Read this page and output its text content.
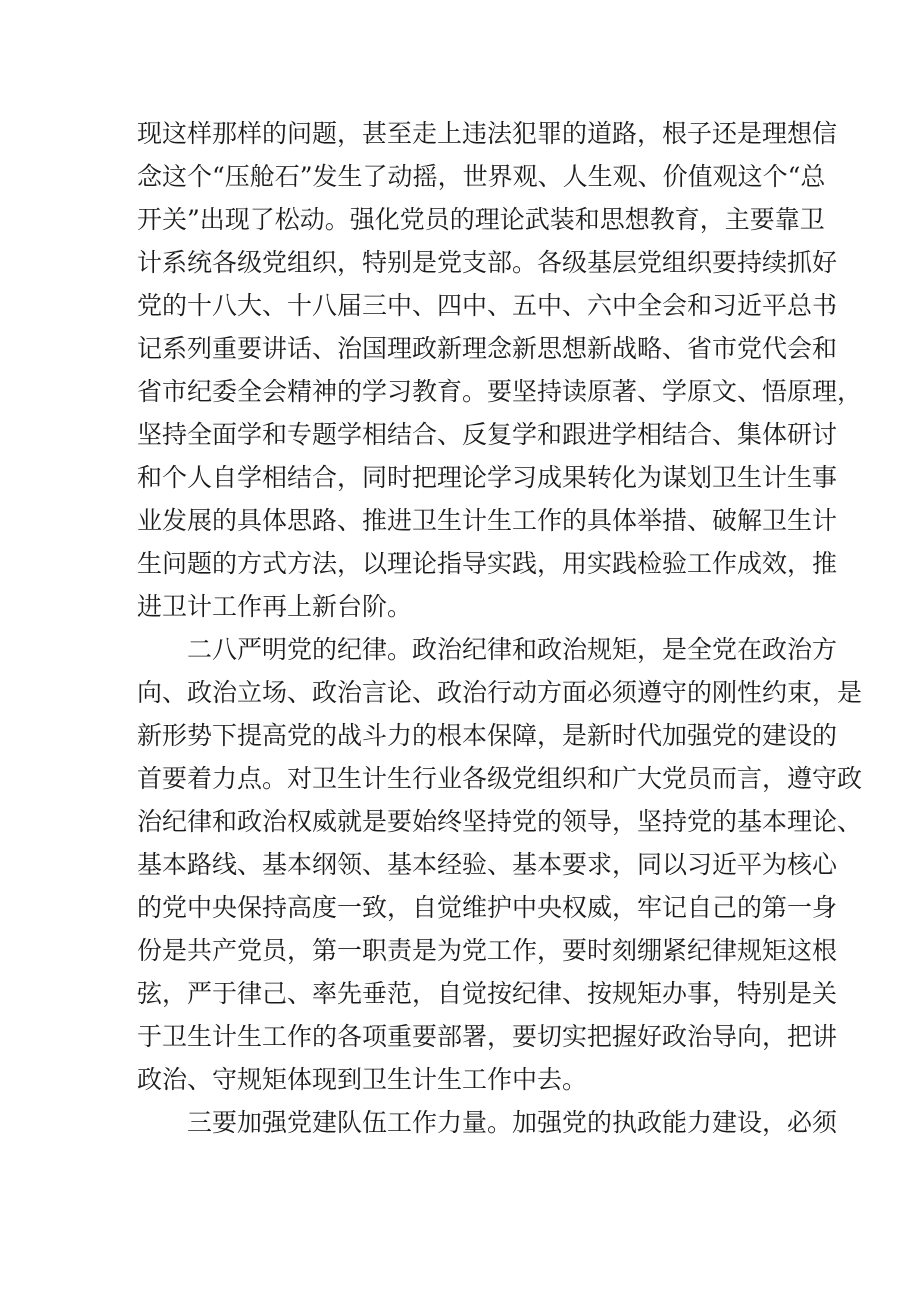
现这样那样的问题，甚至走上违法犯罪的道路，根子还是理想信
念这个“压舱石”发生了动摇，世界观、人生观、价值观这个“总
开关”出现了松动。强化党员的理论武装和思想教育，主要靠卫
计系统各级党组织，特别是党支部。各级基层党组织要持续抓好
党的十八大、十八届三中、四中、五中、六中全会和习近平总书
记系列重要讲话、治国理政新理念新思想新战略、省市党代会和
省市纪委全会精神的学习教育。要坚持读原著、学原文、悟原理，
坚持全面学和专题学相结合、反复学和跟进学相结合、集体研讨
和个人自学相结合，同时把理论学习成果转化为谋划卫生计生事
业发展的具体思路、推进卫生计生工作的具体举措、破解卫生计
生问题的方式方法，以理论指导实践，用实践检验工作成效，推
进卫计工作再上新台阶。
二八严明党的纪律。政治纪律和政治规矩，是全党在政治方
向、政治立场、政治言论、政治行动方面必须遵守的刚性约束，是
新形势下提高党的战斗力的根本保障，是新时代加强党的建设的
首要着力点。对卫生计生行业各级党组织和广大党员而言，遵守政
治纪律和政治权威就是要始终坚持党的领导，坚持党的基本理论、
基本路线、基本纲领、基本经验、基本要求，同以习近平为核心
的党中央保持高度一致，自觉维护中央权威，牢记自己的第一身
份是共产党员，第一职责是为党工作，要时刻绷紧纪律规矩这根
弦，严于律己、率先垂范，自觉按纪律、按规矩办事，特别是关
于卫生计生工作的各项重要部署，要切实把握好政治导向，把讲
政治、守规矩体现到卫生计生工作中去。
三要加强党建队伍工作力量。加强党的执政能力建设，必须
